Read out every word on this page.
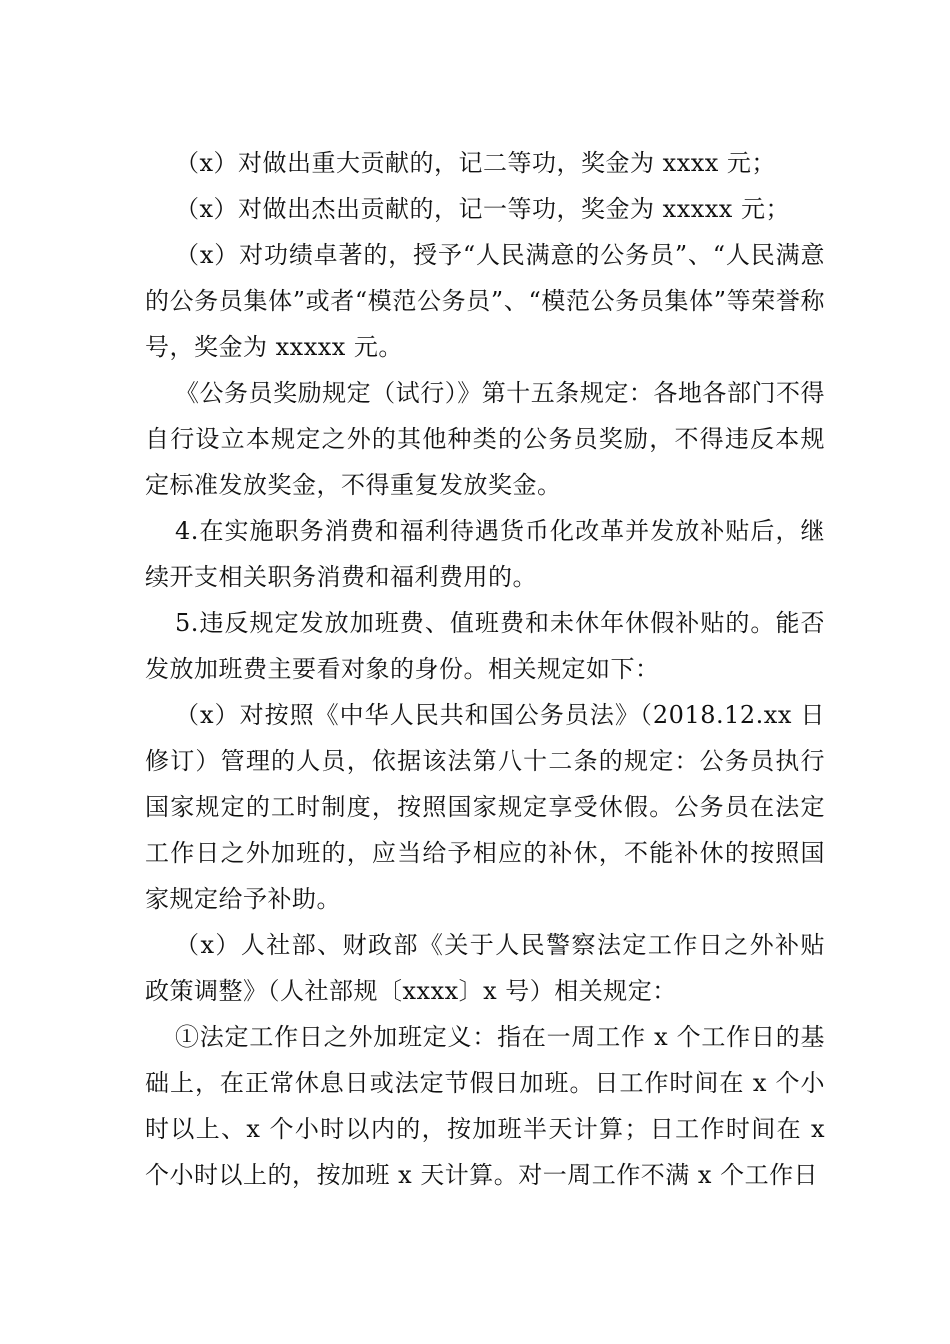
（x）对做出重大贡献的，记二等功，奖金为 xxxx 元；

（x）对做出杰出贡献的，记一等功，奖金为 xxxxx 元；

（x）对功绩卓著的，授予“人民满意的公务员”、“人民满意的公务员集体”或者“模范公务员”、“模范公务员集体”等荣誉称号，奖金为 xxxxx 元。

《公务员奖励规定（试行）》第十五条规定：各地各部门不得自行设立本规定之外的其他种类的公务员奖励，不得违反本规定标准发放奖金，不得重复发放奖金。

4.在实施职务消费和福利待遇货币化改革并发放补贴后，继续开支相关职务消费和福利费用的。

5.违反规定发放加班费、值班费和未休年休假补贴的。能否发放加班费主要看对象的身份。相关规定如下：

（x）对按照《中华人民共和国公务员法》（2018.12.xx 日修订）管理的人员，依据该法第八十二条的规定：公务员执行国家规定的工时制度，按照国家规定享受休假。公务员在法定工作日之外加班的，应当给予相应的补休，不能补休的按照国家规定给予补助。

（x）人社部、财政部《关于人民警察法定工作日之外补贴政策调整》（人社部规〔xxxx〕x 号）相关规定：

①法定工作日之外加班定义：指在一周工作 x 个工作日的基础上，在正常休息日或法定节假日加班。日工作时间在 x 个小时以上、x 个小时以内的，按加班半天计算；日工作时间在 x 个小时以上的，按加班 x 天计算。对一周工作不满 x 个工作日
